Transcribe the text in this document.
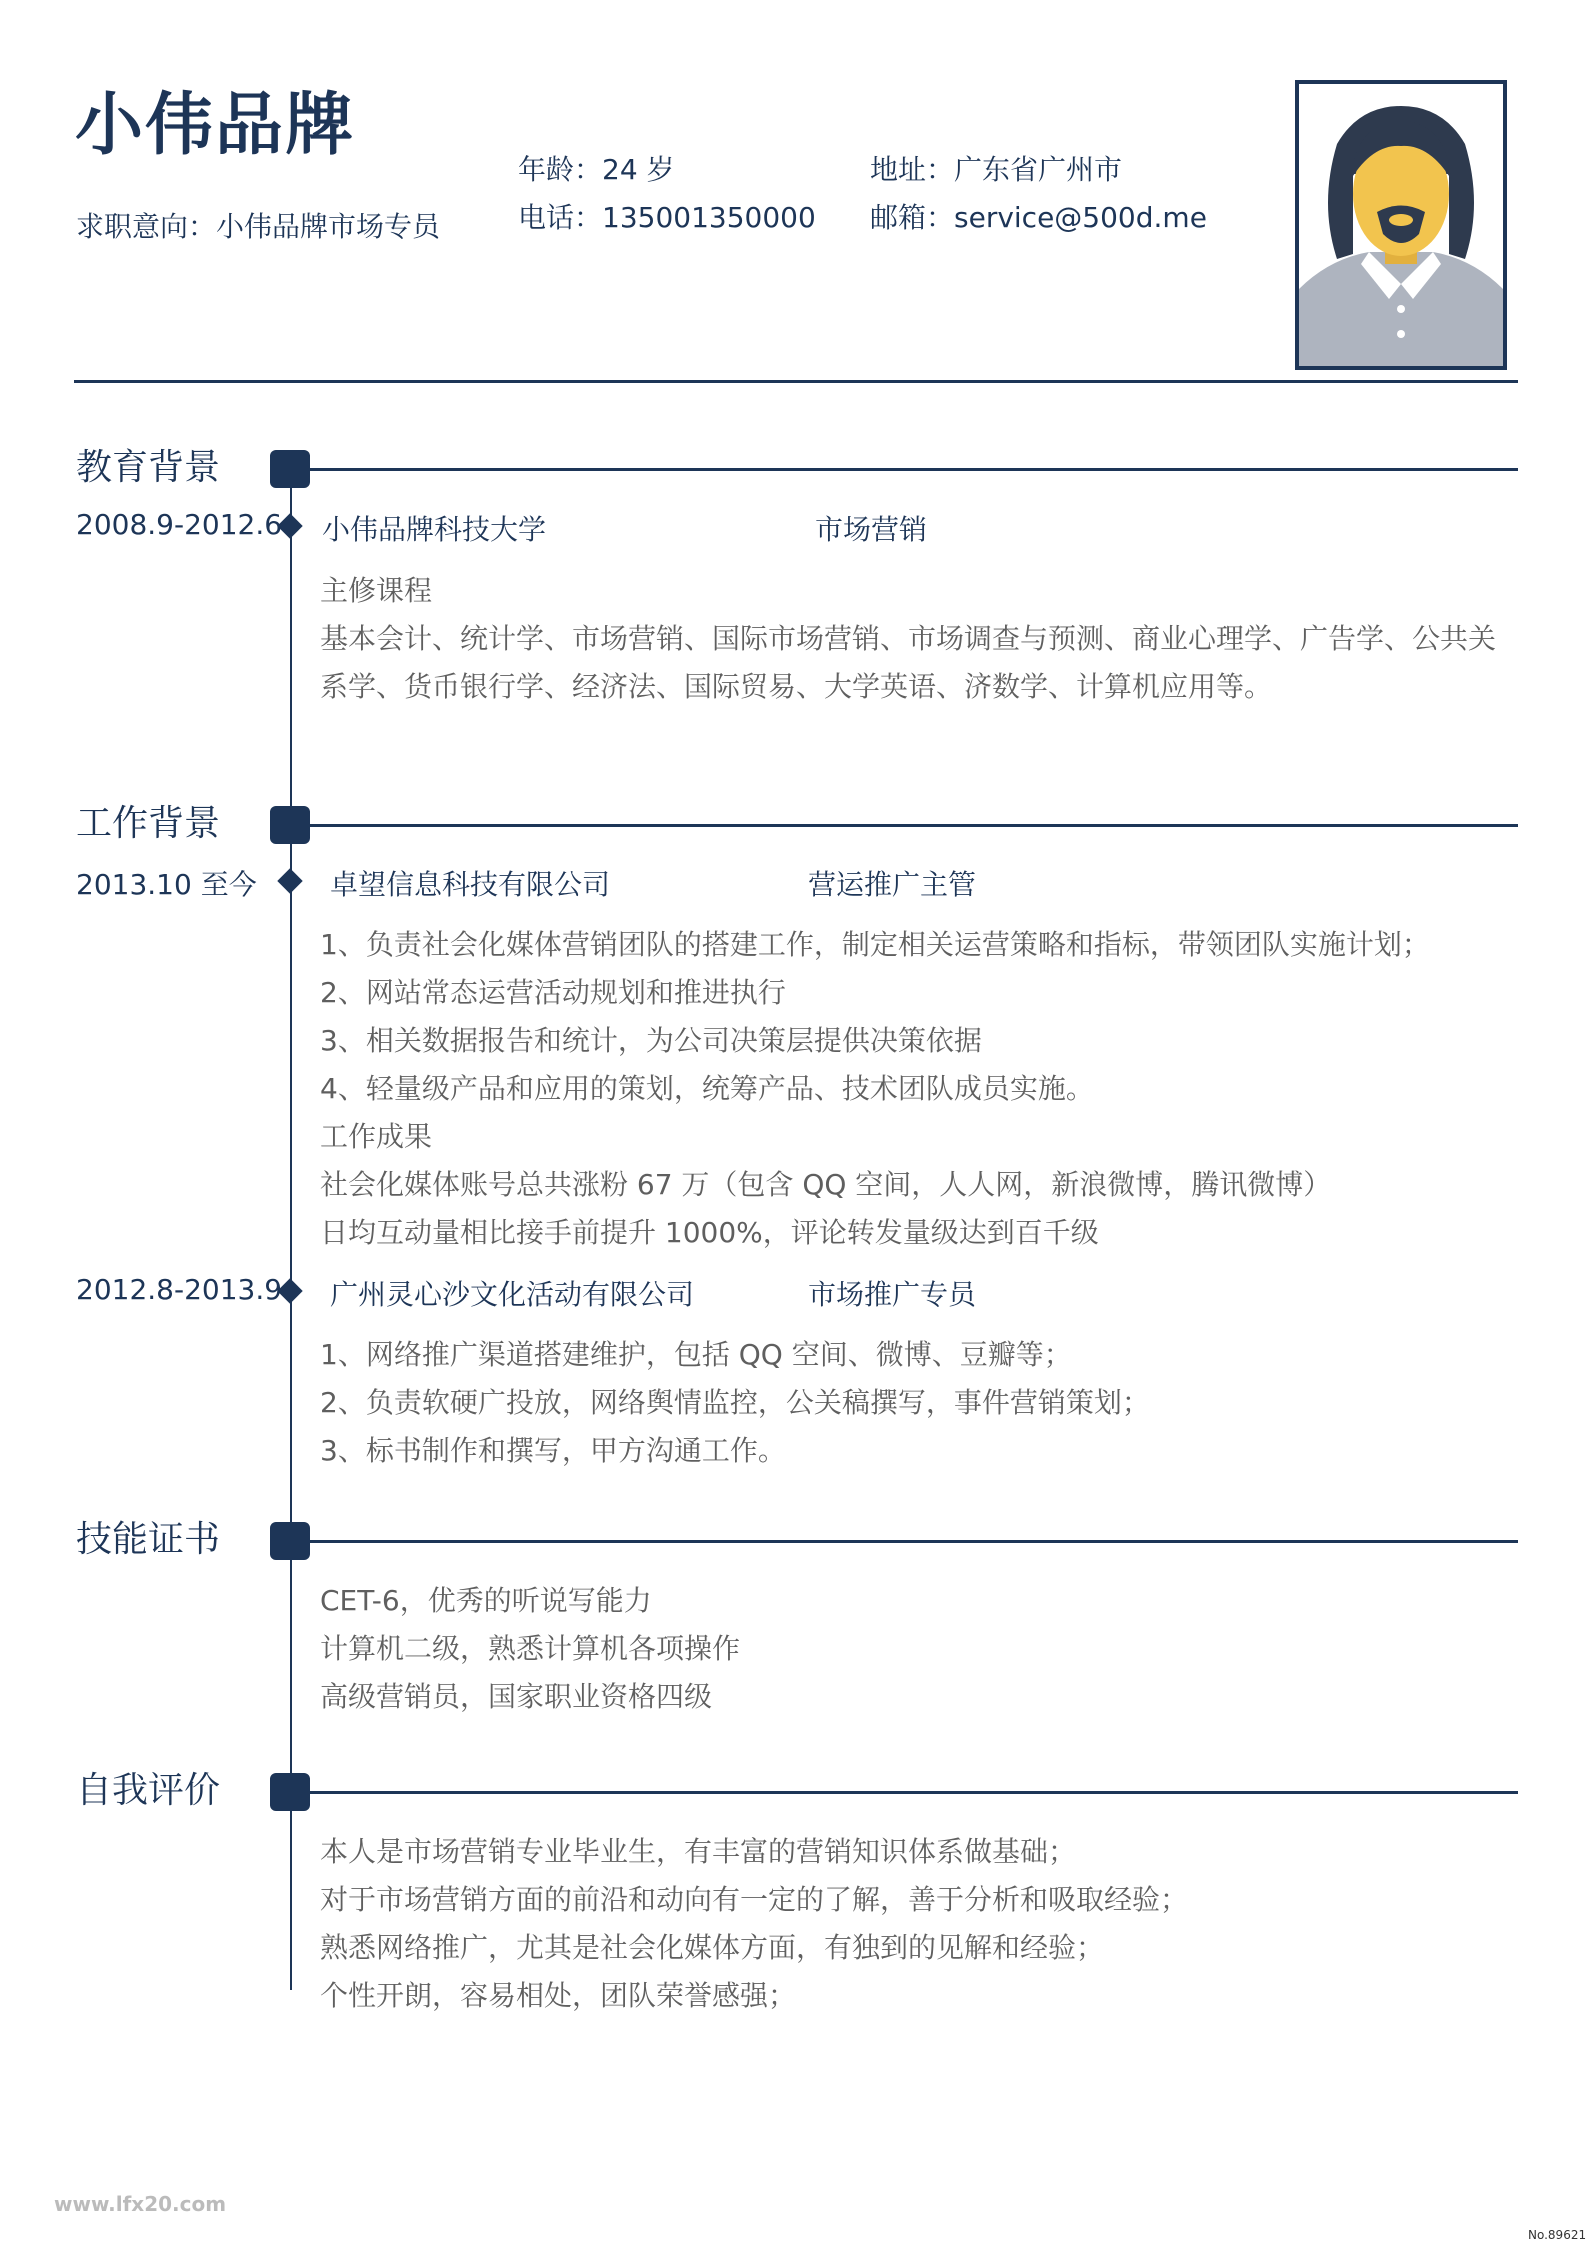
小伟品牌
求职意向：小伟品牌市场专员
年龄：24 岁
电话：135001350000
地址：广东省广州市
邮箱：service@500d.me
教育背景
2008.9-2012.6 小伟品牌科技大学	市场营销
主修课程
基本会计、统计学、市场营销、国际市场营销、市场调查与预测、商业心理学、广告学、公共关
系学、货币银行学、经济法、国际贸易、大学英语、济数学、计算机应用等。
工作背景
2013.10 至今	卓望信息科技有限公司	营运推广主管
1、负责社会化媒体营销团队的搭建工作，制定相关运营策略和指标，带领团队实施计划；
2、网站常态运营活动规划和推进执行
3、相关数据报告和统计，为公司决策层提供决策依据
4、轻量级产品和应用的策划，统筹产品、技术团队成员实施。
工作成果
社会化媒体账号总共涨粉 67 万（包含 QQ 空间，人人网，新浪微博，腾讯微博）
日均互动量相比接手前提升 1000%，评论转发量级达到百千级
2012.8-2013.9 广州灵心沙文化活动有限公司	市场推广专员
1、网络推广渠道搭建维护，包括 QQ 空间、微博、豆瓣等；
2、负责软硬广投放，网络舆情监控，公关稿撰写，事件营销策划；
3、标书制作和撰写，甲方沟通工作。
技能证书
CET-6，优秀的听说写能力
计算机二级，熟悉计算机各项操作
高级营销员，国家职业资格四级
自我评价
本人是市场营销专业毕业生，有丰富的营销知识体系做基础；
对于市场营销方面的前沿和动向有一定的了解，善于分析和吸取经验；
熟悉网络推广，尤其是社会化媒体方面，有独到的见解和经验；
个性开朗，容易相处，团队荣誉感强；
www.lfx20.com
No.89621
